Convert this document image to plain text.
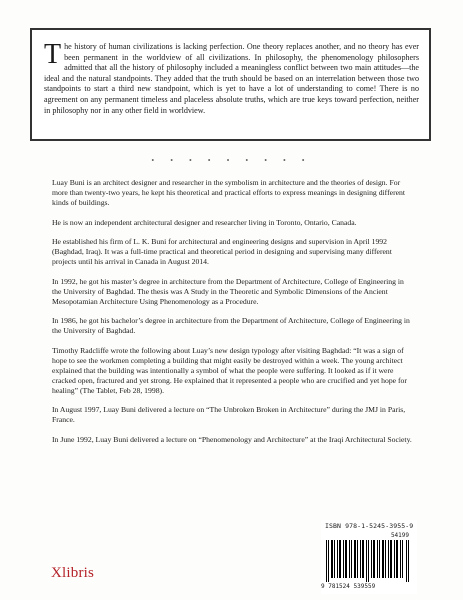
The history of human civilizations is lacking perfection. One theory replaces another, and no theory has ever been permanent in the worldview of all civilizations. In philosophy, the phenomenology philosophers admitted that all the history of philosophy included a meaningless conflict between two main attitudes—the ideal and the natural standpoints. They added that the truth should be based on an interrelation between those two standpoints to start a third new standpoint, which is yet to have a lot of understanding to come! There is no agreement on any permanent timeless and placeless absolute truths, which are true keys toward perfection, neither in philosophy nor in any other field in worldview.

• • • • • • • • •

Luay Buni is an architect designer and researcher in the symbolism in architecture and the theories of design. For more than twenty-two years, he kept his theoretical and practical efforts to express meanings in designing different kinds of buildings.

He is now an independent architectural designer and researcher living in Toronto, Ontario, Canada.

He established his firm of L. K. Buni for architectural and engineering designs and supervision in April 1992 (Baghdad, Iraq). It was a full-time practical and theoretical period in designing and supervising many different projects until his arrival in Canada in August 2014.

In 1992, he got his master’s degree in architecture from the Department of Architecture, College of Engineering in the University of Baghdad. The thesis was A Study in the Theoretic and Symbolic Dimensions of the Ancient Mesopotamian Architecture Using Phenomenology as a Procedure.

In 1986, he got his bachelor’s degree in architecture from the Department of Architecture, College of Engineering in the University of Baghdad.

Timothy Radcliffe wrote the following about Luay’s new design typology after visiting Baghdad: “It was a sign of hope to see the workmen completing a building that might easily be destroyed within a week. The young architect explained that the building was intentionally a symbol of what the people were suffering. It looked as if it were cracked open, fractured and yet strong. He explained that it represented a people who are crucified and yet hope for healing” (The Tablet, Feb 28, 1998).

In August 1997, Luay Buni delivered a lecture on “The Unbroken Broken in Architecture” during the JMJ in Paris, France.

In June 1992, Luay Buni delivered a lecture on “Phenomenology and Architecture” at the Iraqi Architectural Society.

Xlibris
ISBN 978-1-5245-3955-9
54199
9 781524 539559
